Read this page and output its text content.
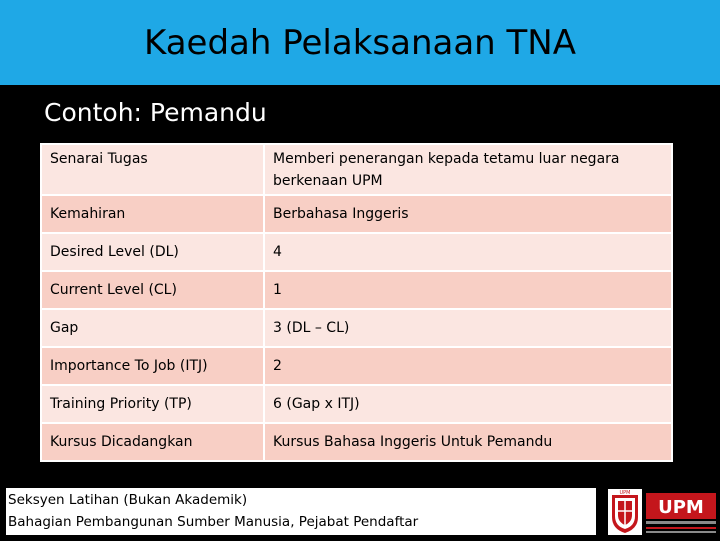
Kaedah Pelaksanaan TNA
Contoh: Pemandu
Senarai Tugas	Memberi penerangan kepada tetamu luar negara berkenaan UPM
Kemahiran	Berbahasa Inggeris
Desired Level (DL)	4
Current Level (CL)	1
Gap	3 (DL – CL)
Importance To Job (ITJ)	2
Training Priority (TP)	6 (Gap x ITJ)
Kursus Dicadangkan	Kursus Bahasa Inggeris Untuk Pemandu
Seksyen Latihan (Bukan Akademik)
Bahagian Pembangunan Sumber Manusia, Pejabat Pendaftar
UPM
UPM
